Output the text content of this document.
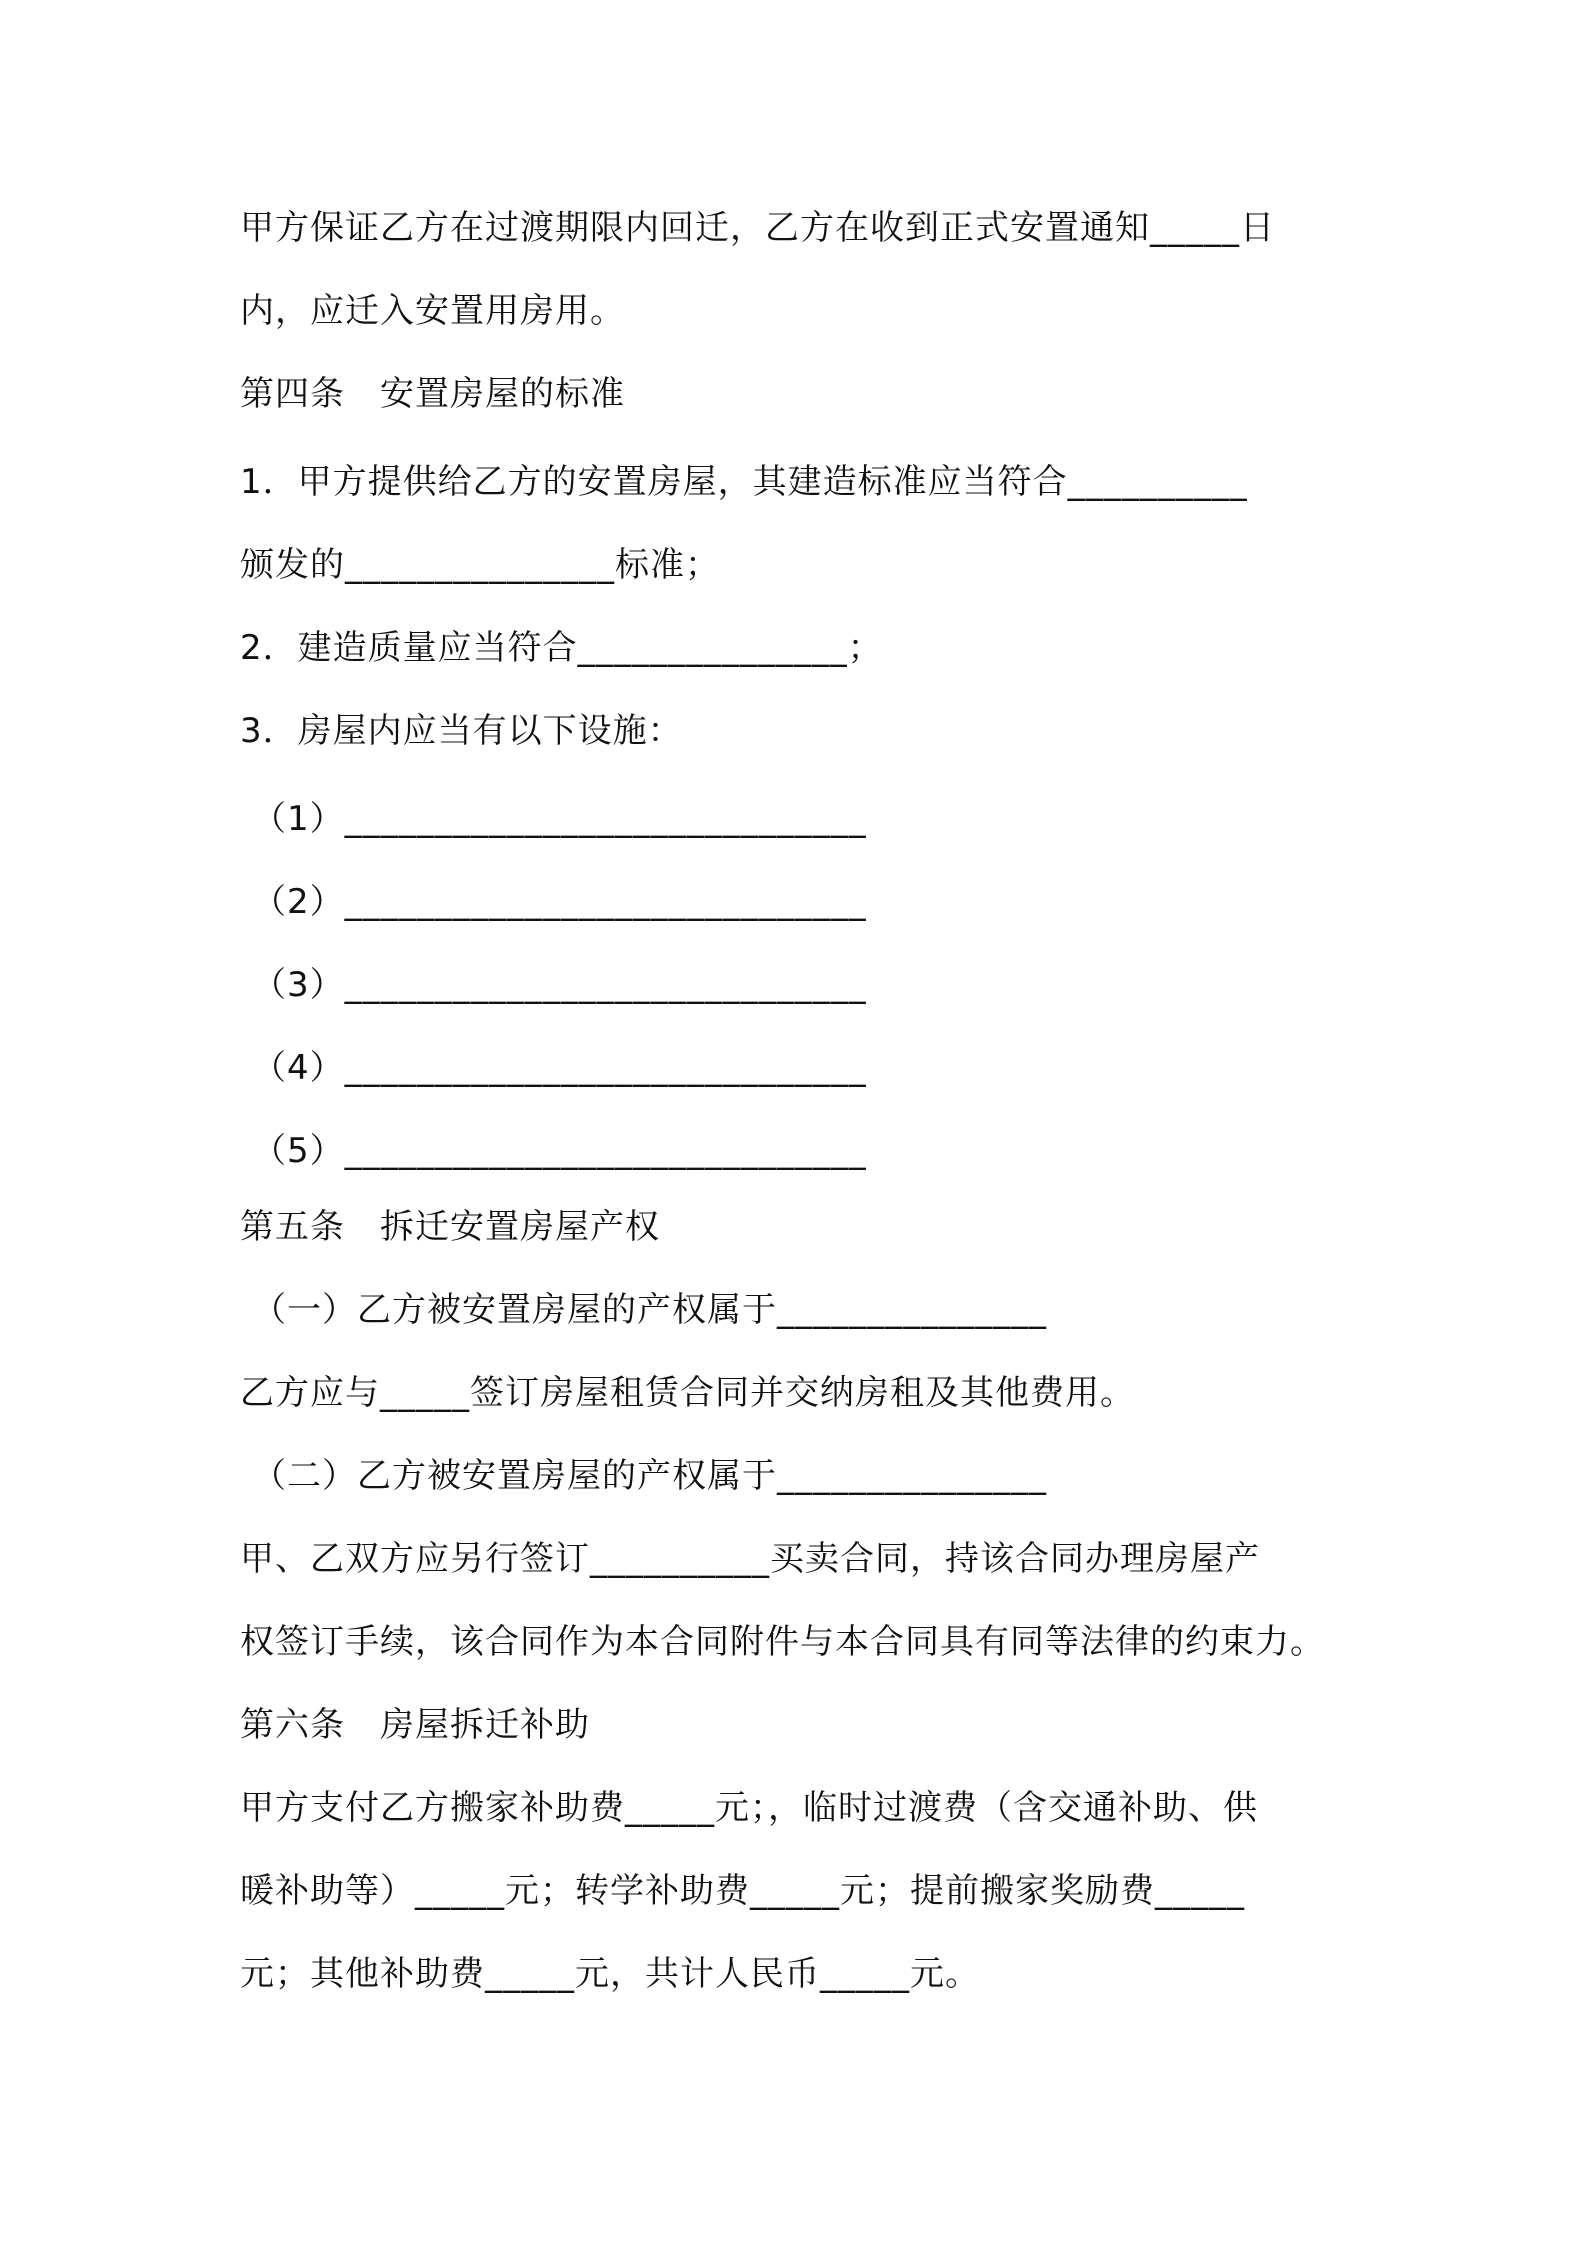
甲方保证乙方在过渡期限内回迁，乙方在收到正式安置通知_____日
内，应迁入安置用房用。
第四条　安置房屋的标准
1．甲方提供给乙方的安置房屋，其建造标准应当符合__________
颁发的_______________标准；
2．建造质量应当符合_______________；
3．房屋内应当有以下设施：
（1）_____________________________
（2）_____________________________
（3）_____________________________
（4）_____________________________
（5）_____________________________
第五条　拆迁安置房屋产权
（一）乙方被安置房屋的产权属于_______________
乙方应与_____签订房屋租赁合同并交纳房租及其他费用。
（二）乙方被安置房屋的产权属于_______________
甲、乙双方应另行签订__________买卖合同，持该合同办理房屋产
权签订手续，该合同作为本合同附件与本合同具有同等法律的约束力。
第六条　房屋拆迁补助
甲方支付乙方搬家补助费_____元；，临时过渡费（含交通补助、供
暖补助等）_____元；转学补助费_____元；提前搬家奖励费_____
元；其他补助费_____元，共计人民币_____元。
